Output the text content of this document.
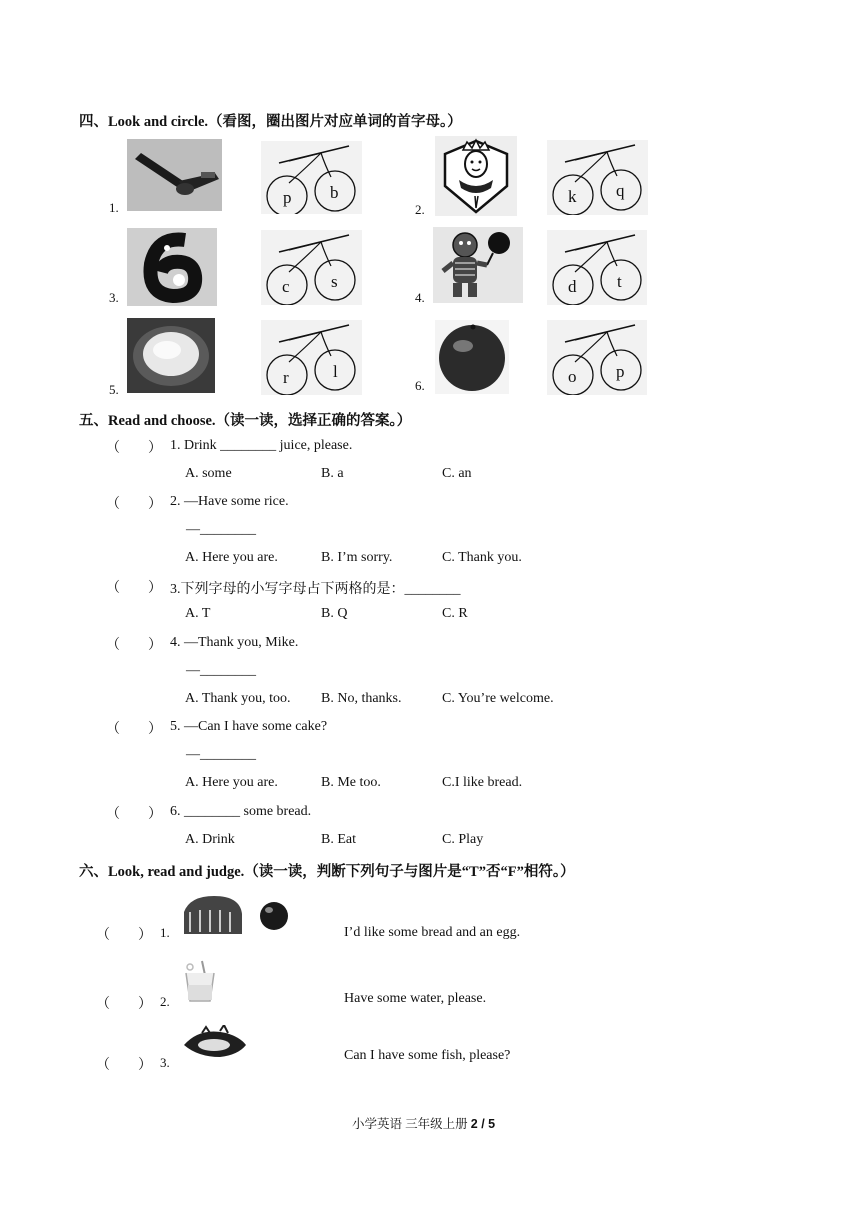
四、Look and circle.（看图，圈出图片对应单词的首字母。）
1.	2.
p b	k q
3.	4.
c s	d t
5.	6.
r	l	o p
五、Read and choose.（读一读，选择正确的答案。）
（　　） 1. Drink ________ juice, please.
A. some	B. a	C. an
（　　） 2. —Have some rice.
—________
A. Here you are.	B. I’m sorry.	C. Thank you.
（　　） 3.下列字母的小写字母占下两格的是：________
A. T	B. Q	C. R
（　　） 4. —Thank you, Mike.
—________
A. Thank you, too. B. No, thanks.	C. You’re welcome.
（　　） 5. —Can I have some cake?
—________
A. Here you are.	B. Me too.	C.I like bread.
（　　） 6. ________ some bread.
A. Drink	B. Eat	C. Play
六、Look, read and judge.（读一读，判断下列句子与图片是“T”否“F”相符。）
（　　） 1.	I’d like some bread and an egg.
（　　） 2.	Have some water, please.
（　　） 3.	Can I have some fish, please?
小学英语 三年级上册 2 / 5
